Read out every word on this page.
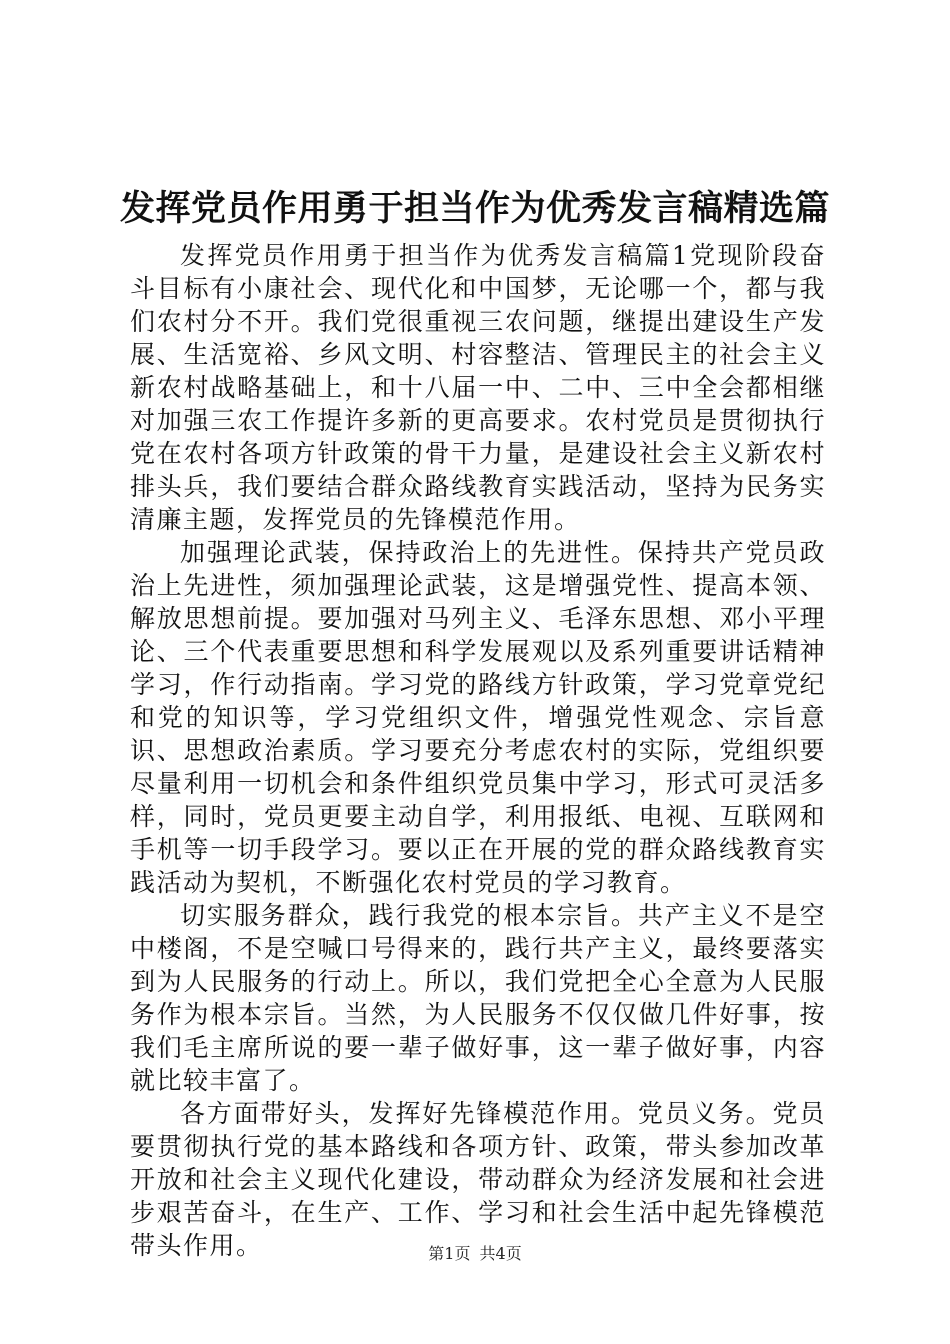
发挥党员作用勇于担当作为优秀发言稿精选篇

发挥党员作用勇于担当作为优秀发言稿篇1党现阶段奋斗目标有小康社会、现代化和中国梦，无论哪一个，都与我们农村分不开。我们党很重视三农问题，继提出建设生产发展、生活宽裕、乡风文明、村容整洁、管理民主的社会主义新农村战略基础上，和十八届一中、二中、三中全会都相继对加强三农工作提许多新的更高要求。农村党员是贯彻执行党在农村各项方针政策的骨干力量，是建设社会主义新农村排头兵，我们要结合群众路线教育实践活动，坚持为民务实清廉主题，发挥党员的先锋模范作用。

加强理论武装，保持政治上的先进性。保持共产党员政治上先进性，须加强理论武装，这是增强党性、提高本领、解放思想前提。要加强对马列主义、毛泽东思想、邓小平理论、三个代表重要思想和科学发展观以及系列重要讲话精神学习，作行动指南。学习党的路线方针政策，学习党章党纪和党的知识等，学习党组织文件，增强党性观念、宗旨意识、思想政治素质。学习要充分考虑农村的实际，党组织要尽量利用一切机会和条件组织党员集中学习，形式可灵活多样，同时，党员更要主动自学，利用报纸、电视、互联网和手机等一切手段学习。要以正在开展的党的群众路线教育实践活动为契机，不断强化农村党员的学习教育。

切实服务群众，践行我党的根本宗旨。共产主义不是空中楼阁，不是空喊口号得来的，践行共产主义，最终要落实到为人民服务的行动上。所以，我们党把全心全意为人民服务作为根本宗旨。当然，为人民服务不仅仅做几件好事，按我们毛主席所说的要一辈子做好事，这一辈子做好事，内容就比较丰富了。

各方面带好头，发挥好先锋模范作用。党员义务。党员要贯彻执行党的基本路线和各项方针、政策，带头参加改革开放和社会主义现代化建设，带动群众为经济发展和社会进步艰苦奋斗，在生产、工作、学习和社会生活中起先锋模范带头作用。	第1页 共4页
